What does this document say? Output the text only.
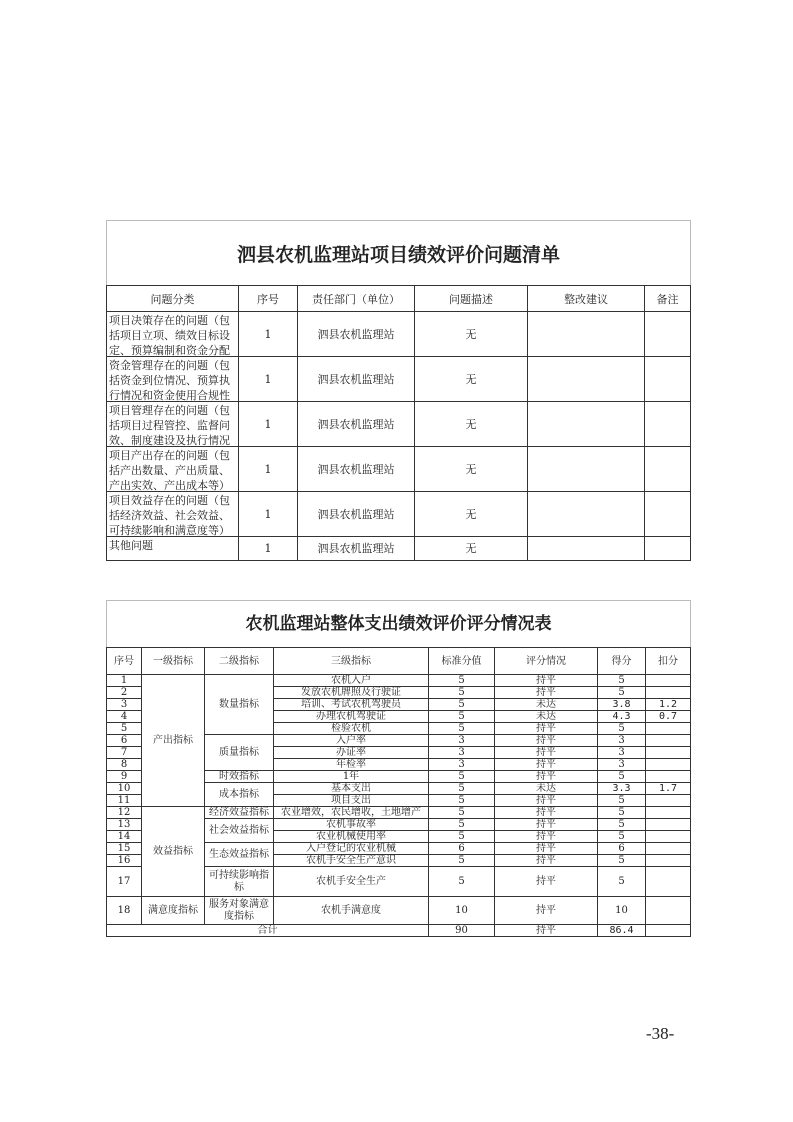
泗县农机监理站项目绩效评价问题清单					
问题分类	序号	责任部门（单位）	问题描述	整改建议	备注

项目决策存在的问题（包括项目立项、绩效目标设定、预算编制和资金分配	1	泗县农机监理站	无		

资金管理存在的问题（包括资金到位情况、预算执行情况和资金使用合规性	1	泗县农机监理站	无		

项目管理存在的问题（包括项目过程管控、监督问效、制度建设及执行情况	1	泗县农机监理站	无		

项目产出存在的问题（包括产出数量、产出质量、产出实效、产出成本等）	1	泗县农机监理站	无		

项目效益存在的问题（包括经济效益、社会效益、可持续影响和满意度等）	1	泗县农机监理站	无		

其他问题	1	泗县农机监理站	无		
农机监理站整体支出绩效评价评分情况表							
序号	一级指标	二级指标	三级指标	标准分值	评分情况	得分	扣分
1	产出指标	数量指标	农机入户	5	持平	5	
2			发放农机牌照及行驶证	5	持平	5	
3			培训、考试农机驾驶员	5	未达	3.8	1.2
4			办理农机驾驶证	5	未达	4.3	0.7
5			检验农机	5	持平	5	
6		质量指标	入户率	3	持平	3	
7			办证率	3	持平	3	
8			年检率	3	持平	3	
9		时效指标	1年	5	持平	5	
10		成本指标	基本支出	5	未达	3.3	1.7
11			项目支出	5	持平	5	
12	效益指标	经济效益指标	农业增效，农民增收，土地增产	5	持平	5	
13		社会效益指标	农机事故率	5	持平	5	
14			农业机械使用率	5	持平	5	
15		生态效益指标	入户登记的农业机械	6	持平	6	
16			农机手安全生产意识	5	持平	5	
17		可持续影响指标	农机手安全生产	5	持平	5	
18	满意度指标	服务对象满意度指标	农机手满意度	10	持平	10	
合计				90	持平	86.4	
-38-
